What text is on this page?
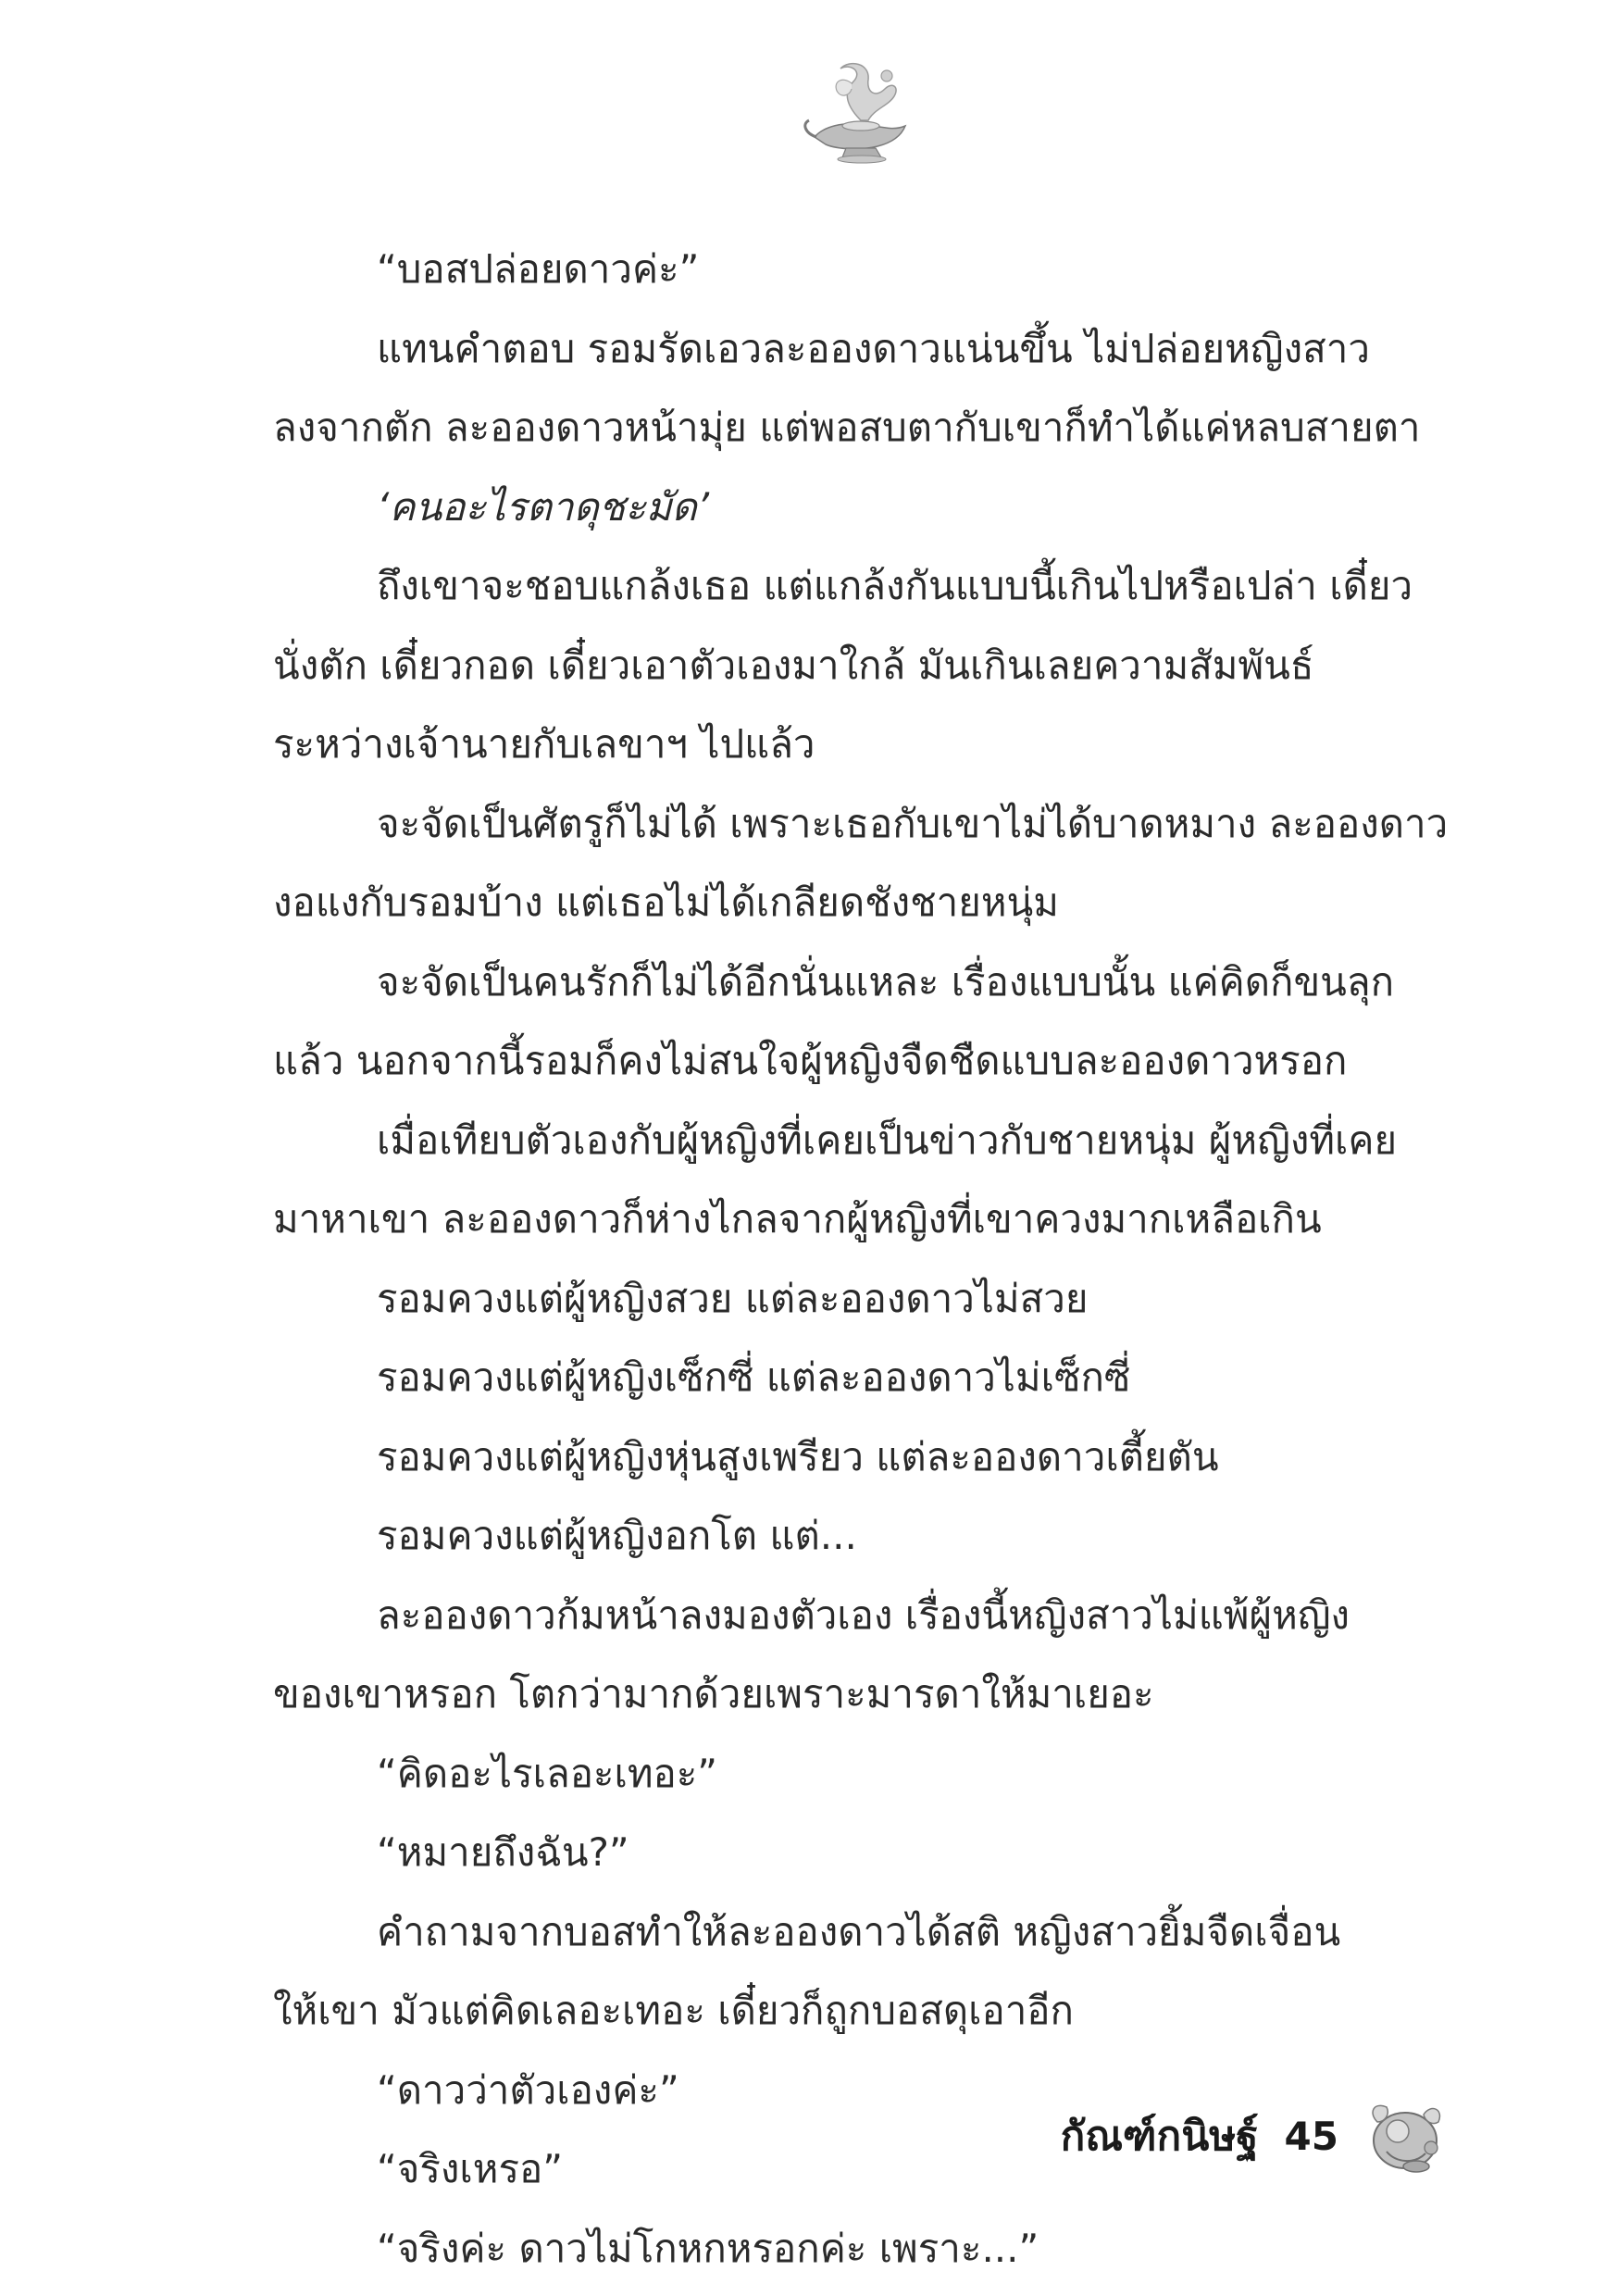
“บอสปล่อยดาวค่ะ”
แทนคำตอบ รอมรัดเอวละอองดาวแน่นขึ้น ไม่ปล่อยหญิงสาว
ลงจากตัก ละอองดาวหน้ามุ่ย แต่พอสบตากับเขาก็ทำได้แค่หลบสายตา
‘คนอะไรตาดุชะมัด’
ถึงเขาจะชอบแกล้งเธอ แต่แกล้งกันแบบนี้เกินไปหรือเปล่า เดี๋ยว
นั่งตัก เดี๋ยวกอด เดี๋ยวเอาตัวเองมาใกล้ มันเกินเลยความสัมพันธ์
ระหว่างเจ้านายกับเลขาฯ ไปแล้ว
จะจัดเป็นศัตรูก็ไม่ได้ เพราะเธอกับเขาไม่ได้บาดหมาง ละอองดาว
งอแงกับรอมบ้าง แต่เธอไม่ได้เกลียดชังชายหนุ่ม
จะจัดเป็นคนรักก็ไม่ได้อีกนั่นแหละ เรื่องแบบนั้น แค่คิดก็ขนลุก
แล้ว นอกจากนี้รอมก็คงไม่สนใจผู้หญิงจืดชืดแบบละอองดาวหรอก
เมื่อเทียบตัวเองกับผู้หญิงที่เคยเป็นข่าวกับชายหนุ่ม ผู้หญิงที่เคย
มาหาเขา ละอองดาวก็ห่างไกลจากผู้หญิงที่เขาควงมากเหลือเกิน
รอมควงแต่ผู้หญิงสวย แต่ละอองดาวไม่สวย
รอมควงแต่ผู้หญิงเซ็กซี่ แต่ละอองดาวไม่เซ็กซี่
รอมควงแต่ผู้หญิงหุ่นสูงเพรียว แต่ละอองดาวเตี้ยตัน
รอมควงแต่ผู้หญิงอกโต แต่...
ละอองดาวก้มหน้าลงมองตัวเอง เรื่องนี้หญิงสาวไม่แพ้ผู้หญิง
ของเขาหรอก โตกว่ามากด้วยเพราะมารดาให้มาเยอะ
“คิดอะไรเลอะเทอะ”
“หมายถึงฉัน?”
คำถามจากบอสทำให้ละอองดาวได้สติ หญิงสาวยิ้มจืดเจื่อน
ให้เขา มัวแต่คิดเลอะเทอะ เดี๋ยวก็ถูกบอสดุเอาอีก
“ดาวว่าตัวเองค่ะ”
“จริงเหรอ”
“จริงค่ะ ดาวไม่โกหกหรอกค่ะ เพราะ...”
กัณฑ์กนิษฐ์ 45
